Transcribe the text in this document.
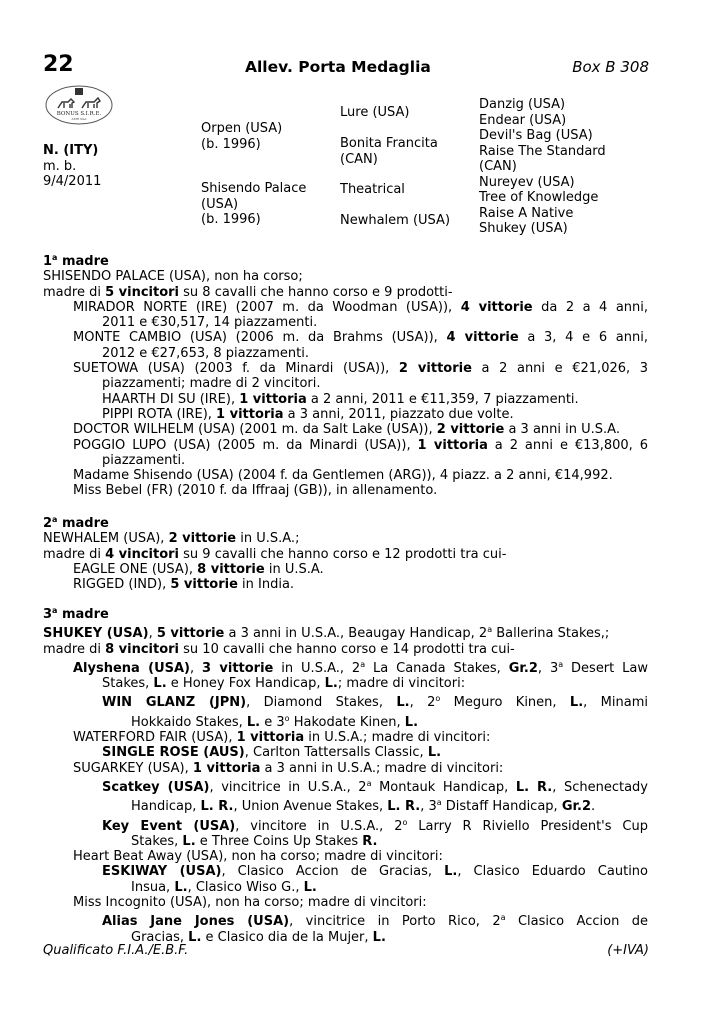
22	Allev. Porta Medaglia	Box B 308
BONUS S.I.R.E.
ASTE SGA
N. (ITY)
m. b.
9/4/2011
Orpen (USA)
(b. 1996)
Shisendo Palace
(USA)
(b. 1996)
Lure (USA)
Bonita Francita
(CAN)
Theatrical
Newhalem (USA)
Danzig (USA)
Endear (USA)
Devil's Bag (USA)
Raise The Standard
(CAN)
Nureyev (USA)
Tree of Knowledge
Raise A Native
Shukey (USA)
1$^a$ madre
SHISENDO PALACE (USA), non ha corso;
madre di 5 vincitori su 8 cavalli che hanno corso e 9 prodotti-
MIRADOR NORTE (IRE) (2007 m. da Woodman (USA)), 4 vittorie da 2 a 4 anni,
2011 e €30,517, 14 piazzamenti.
MONTE CAMBIO (USA) (2006 m. da Brahms (USA)), 4 vittorie a 3, 4 e 6 anni,
2012 e €27,653, 8 piazzamenti.
SUETOWA (USA) (2003 f. da Minardi (USA)), 2 vittorie a 2 anni e €21,026, 3
piazzamenti; madre di 2 vincitori.
HAARTH DI SU (IRE), 1 vittoria a 2 anni, 2011 e €11,359, 7 piazzamenti.
PIPPI ROTA (IRE), 1 vittoria a 3 anni, 2011, piazzato due volte.
DOCTOR WILHELM (USA) (2001 m. da Salt Lake (USA)), 2 vittorie a 3 anni in U.S.A.
POGGIO LUPO (USA) (2005 m. da Minardi (USA)), 1 vittoria a 2 anni e €13,800, 6
piazzamenti.
Madame Shisendo (USA) (2004 f. da Gentlemen (ARG)), 4 piazz. a 2 anni, €14,992.
Miss Bebel (FR) (2010 f. da Iffraaj (GB)), in allenamento.
2$^a$ madre
NEWHALEM (USA), 2 vittorie in U.S.A.;
madre di 4 vincitori su 9 cavalli che hanno corso e 12 prodotti tra cui-
EAGLE ONE (USA), 8 vittorie in U.S.A.
RIGGED (IND), 5 vittorie in India.
3$^a$ madre
SHUKEY (USA), 5 vittorie a 3 anni in U.S.A., Beaugay Handicap, 2$^a$ Ballerina Stakes,;
madre di 8 vincitori su 10 cavalli che hanno corso e 14 prodotti tra cui-
Alyshena (USA), 3 vittorie in U.S.A., 2$^a$ La Canada Stakes, Gr.2, 3$^a$ Desert Law
Stakes, L. e Honey Fox Handicap, L.; madre di vincitori:
WIN GLANZ (JPN), Diamond Stakes, L., 2$^o$ Meguro Kinen, L., Minami
Hokkaido Stakes, L. e 3$^o$ Hakodate Kinen, L.
WATERFORD FAIR (USA), 1 vittoria in U.S.A.; madre di vincitori:
SINGLE ROSE (AUS), Carlton Tattersalls Classic, L.
SUGARKEY (USA), 1 vittoria a 3 anni in U.S.A.; madre di vincitori:
Scatkey (USA), vincitrice in U.S.A., 2$^a$ Montauk Handicap, L. R., Schenectady
Handicap, L. R., Union Avenue Stakes, L. R., 3$^a$ Distaff Handicap, Gr.2.
Key Event (USA), vincitore in U.S.A., 2$^o$ Larry R Riviello President's Cup
Stakes, L. e Three Coins Up Stakes R.
Heart Beat Away (USA), non ha corso; madre di vincitori:
ESKIWAY (USA), Clasico Accion de Gracias, L., Clasico Eduardo Cautino
Insua, L., Clasico Wiso G., L.
Miss Incognito (USA), non ha corso; madre di vincitori:
Alias Jane Jones (USA), vincitrice in Porto Rico, 2$^a$ Clasico Accion de
Gracias, L. e Clasico dia de la Mujer, L.
Qualificato F.I.A./E.B.F.	(+IVA)
